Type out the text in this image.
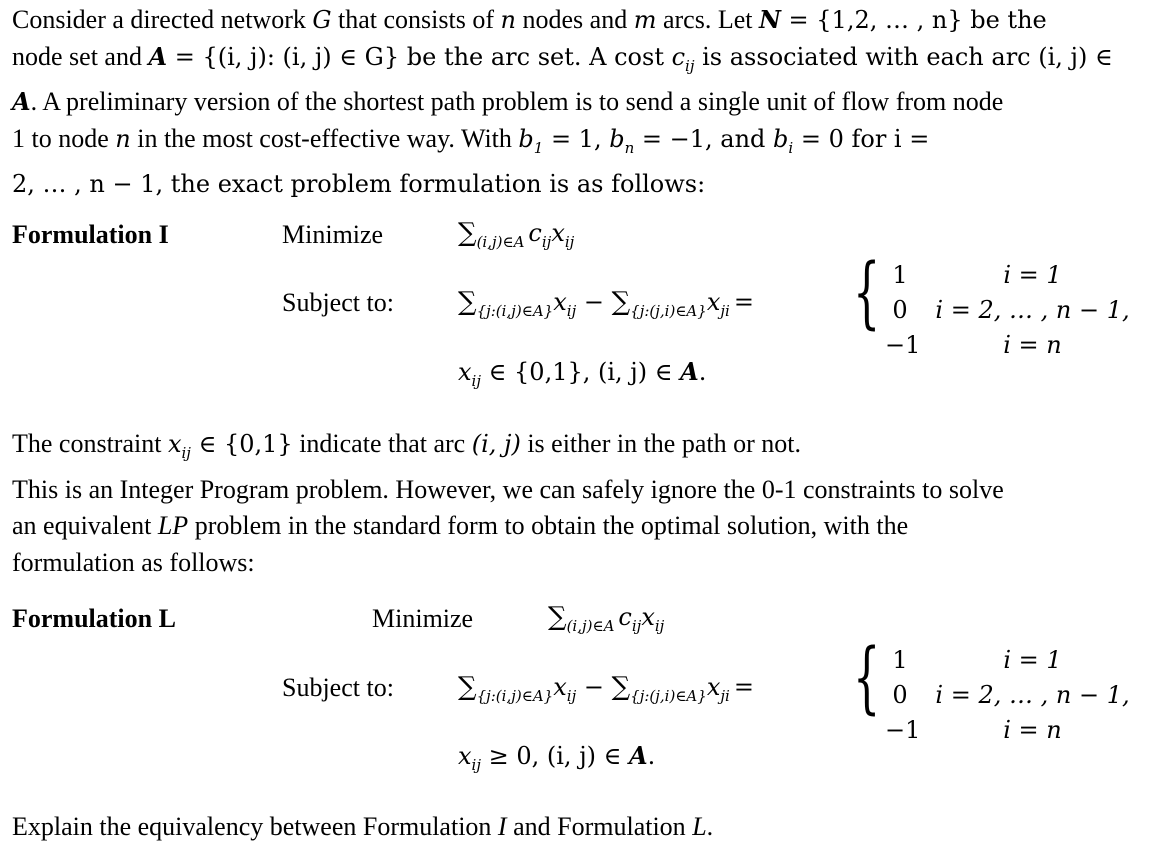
Consider a directed network G that consists of n nodes and m arcs. Let N = {1,2, … , n} be the
node set and A = {(i, j): (i, j) ∈ G} be the arc set. A cost $c_{ij}$ is associated with each arc (i, j) ∈
A. A preliminary version of the shortest path problem is to send a single unit of flow from node
1 to node n in the most cost-effective way. With $b_1 = 1$, $b_n = -1$, and $b_i = 0$ for i =
2, … , n − 1, the exact problem formulation is as follows:
Formulation I	Minimize	∑(i,j)∈A cijxij
Subject to: ∑{j:(i,j)∈A}xij − ∑{j:(j,i)∈A}xji = { 1
0
−1
i = 1
i = 2, … , n − 1,
i = n
xij ∈ {0,1}, (i, j) ∈ A.
The constraint $x_{ij}$ ∈ {0,1} indicate that arc (i, j) is either in the path or not.
This is an Integer Program problem. However, we can safely ignore the 0-1 constraints to solve
an equivalent LP problem in the standard form to obtain the optimal solution, with the
formulation as follows:
Formulation L	Minimize	∑(i,j)∈A cijxij
Subject to: ∑{j:(i,j)∈A}xij − ∑{j:(j,i)∈A}xji = { 1
0
−1
i = 1
i = 2, … , n − 1,
i = n
xij ≥ 0, (i, j) ∈ A.
Explain the equivalency between Formulation I and Formulation L.
